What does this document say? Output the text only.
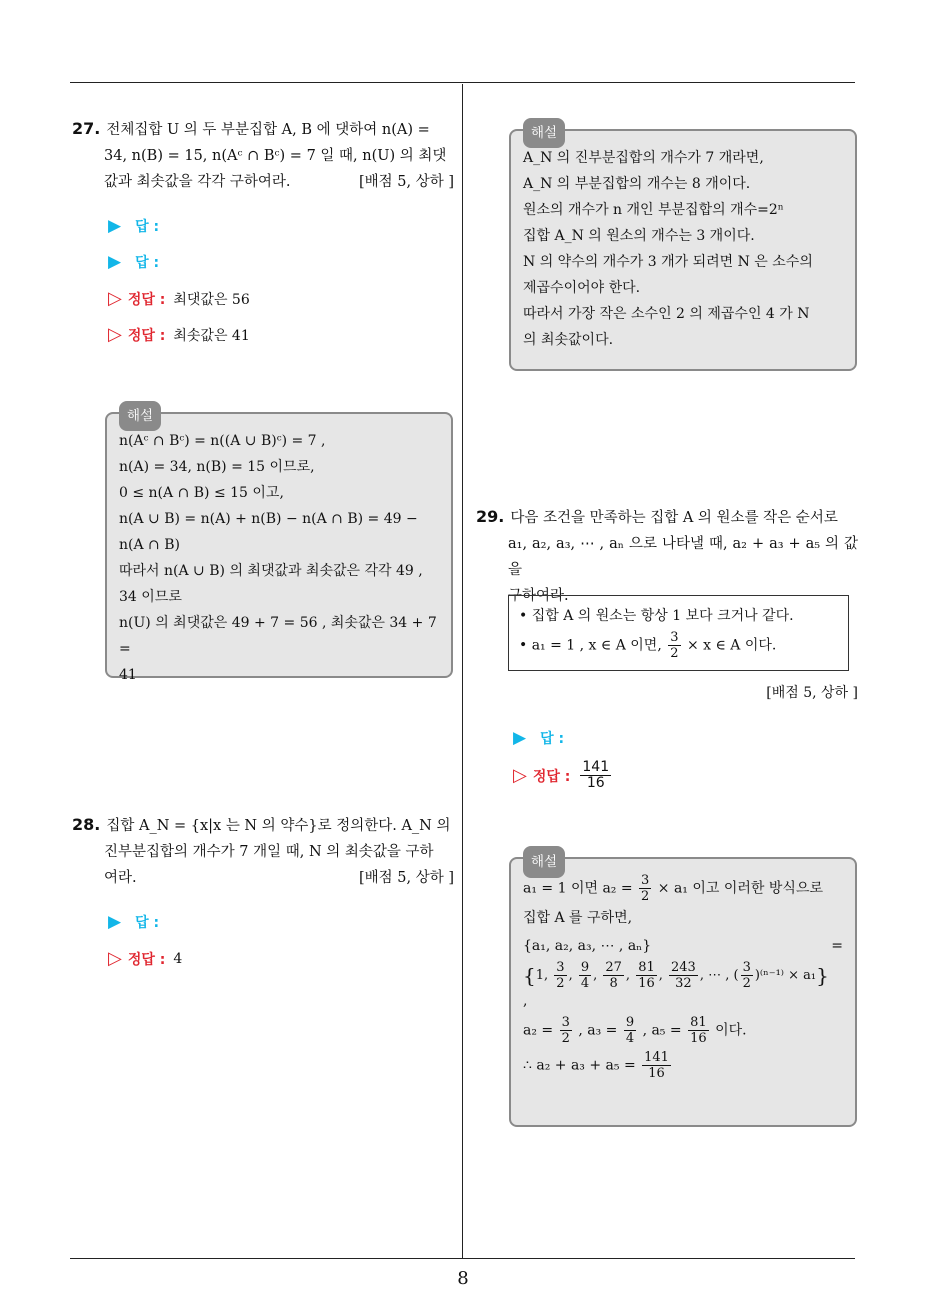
27. 전체집합 U 의 두 부분집합 A, B 에 댓하여 n(A) =
34, n(B) = 15, n(Aᶜ ∩ Bᶜ) = 7 일 때, n(U) 의 최댓
값과 최솟값을 각각 구하여라.	[배점 5, 상하 ]
▶ 답 :
▶ 답 :
▷ 정답 : 최댓값은 56
▷ 정답 : 최솟값은 41
해설
n(Aᶜ ∩ Bᶜ) = n((A ∪ B)ᶜ) = 7 ,
n(A) = 34, n(B) = 15 이므로,
0 ≤ n(A ∩ B) ≤ 15 이고,
n(A ∪ B) = n(A) + n(B) − n(A ∩ B) = 49 −
n(A ∩ B)
따라서 n(A ∪ B) 의 최댓값과 최솟값은 각각 49 ,
34 이므로
n(U) 의 최댓값은 49 + 7 = 56 , 최솟값은 34 + 7 =
41
28. 집합 A_N = {x|x 는 N 의 약수}로 정의한다. A_N 의
진부분집합의 개수가 7 개일 때, N 의 최솟값을 구하
여라.	[배점 5, 상하 ]
▶ 답 :
▷ 정답 : 4
해설
A_N 의 진부분집합의 개수가 7 개라면,
A_N 의 부분집합의 개수는 8 개이다.
원소의 개수가 n 개인 부분집합의 개수=2ⁿ
집합 A_N 의 원소의 개수는 3 개이다.
N 의 약수의 개수가 3 개가 되려면 N 은 소수의
제곱수이어야 한다.
따라서 가장 작은 소수인 2 의 제곱수인 4 가 N
의 최솟값이다.
29. 다음 조건을 만족하는 집합 A 의 원소를 작은 순서로
a₁, a₂, a₃, ⋯ , aₙ 으로 나타낼 때, a₂ + a₃ + a₅ 의 값을
구하여라.
• 집합 A 의 원소는 항상 1 보다 크거나 같다.
• a₁ = 1 , x ∈ A 이면, $\frac{3}{2} \times x$ ∈ A 이다.
[배점 5, 상하 ]
▶ 답 :
▷ 정답 : $\frac{141}{16}$
해설
a₁ = 1 이면 $a_2 = \frac{3}{2} \times a_1$ 이고 이러한 방식으로
집합 A 를 구하면,
{a₁, a₂, a₃, ⋯ , aₙ}	=
{1, $\frac{3}{2}$ , $\frac{9}{4}$ , $\frac{27}{8}$ , $\frac{81}{16}$ , $\frac{243}{32}$ , ⋯ , ( $\frac{3}{2} )^{(n-1)} \times a_1$}
,
$a_2 = \frac{3}{2}$ , $a_3 = \frac{9}{4}$ , $a_5 = \frac{81}{16}$ 이다.
∴ $a_2 + a_3 + a_5 = \frac{141}{16}$
8
